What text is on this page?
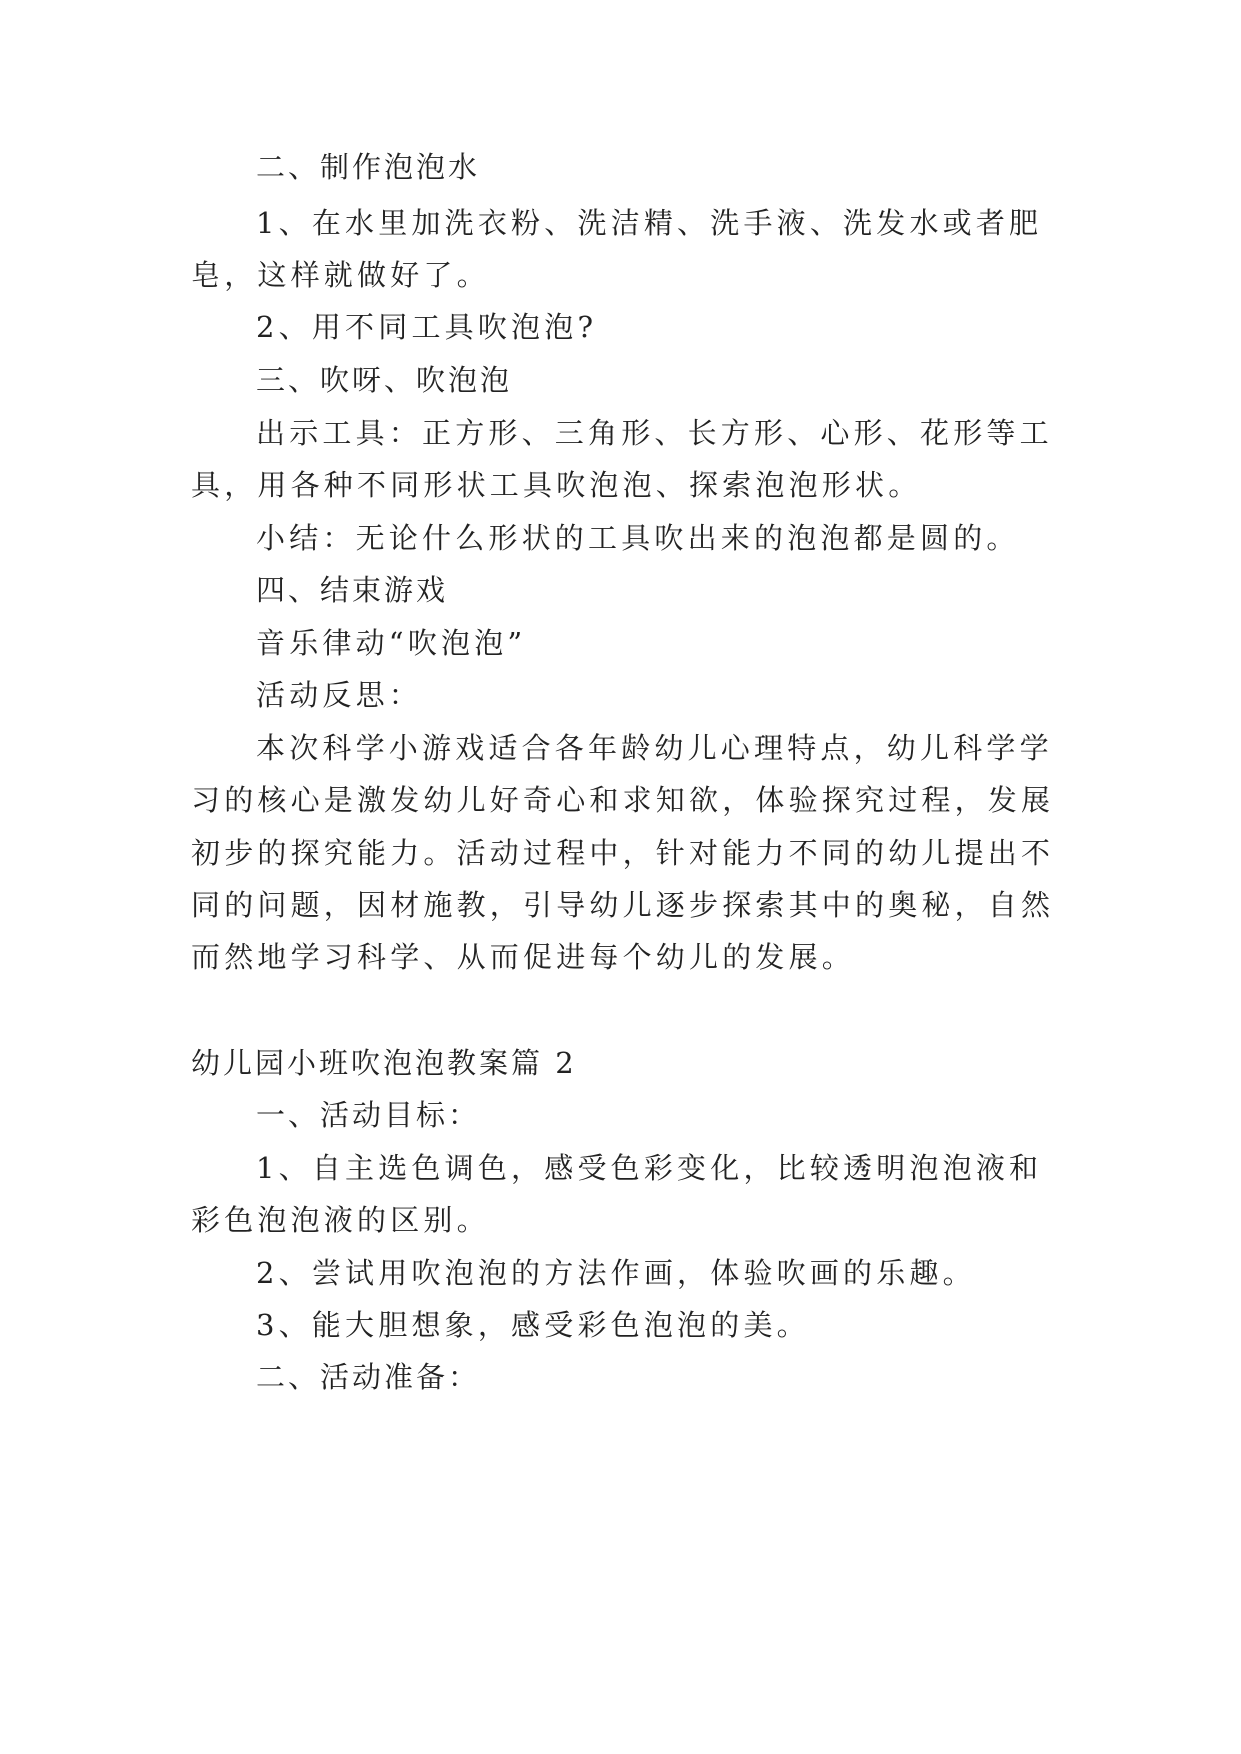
二、制作泡泡水
1、在水里加洗衣粉、洗洁精、洗手液、洗发水或者肥
皂，这样就做好了。
2、用不同工具吹泡泡?
三、吹呀、吹泡泡
出示工具：正方形、三角形、长方形、心形、花形等工
具，用各种不同形状工具吹泡泡、探索泡泡形状。
小结：无论什么形状的工具吹出来的泡泡都是圆的。
四、结束游戏
音乐律动“吹泡泡”
活动反思：
本次科学小游戏适合各年龄幼儿心理特点，幼儿科学学
习的核心是激发幼儿好奇心和求知欲，体验探究过程，发展
初步的探究能力。活动过程中，针对能力不同的幼儿提出不
同的问题，因材施教，引导幼儿逐步探索其中的奥秘，自然
而然地学习科学、从而促进每个幼儿的发展。
幼儿园小班吹泡泡教案篇 2
一、活动目标：
1、自主选色调色，感受色彩变化，比较透明泡泡液和
彩色泡泡液的区别。
2、尝试用吹泡泡的方法作画，体验吹画的乐趣。
3、能大胆想象，感受彩色泡泡的美。
二、活动准备：
